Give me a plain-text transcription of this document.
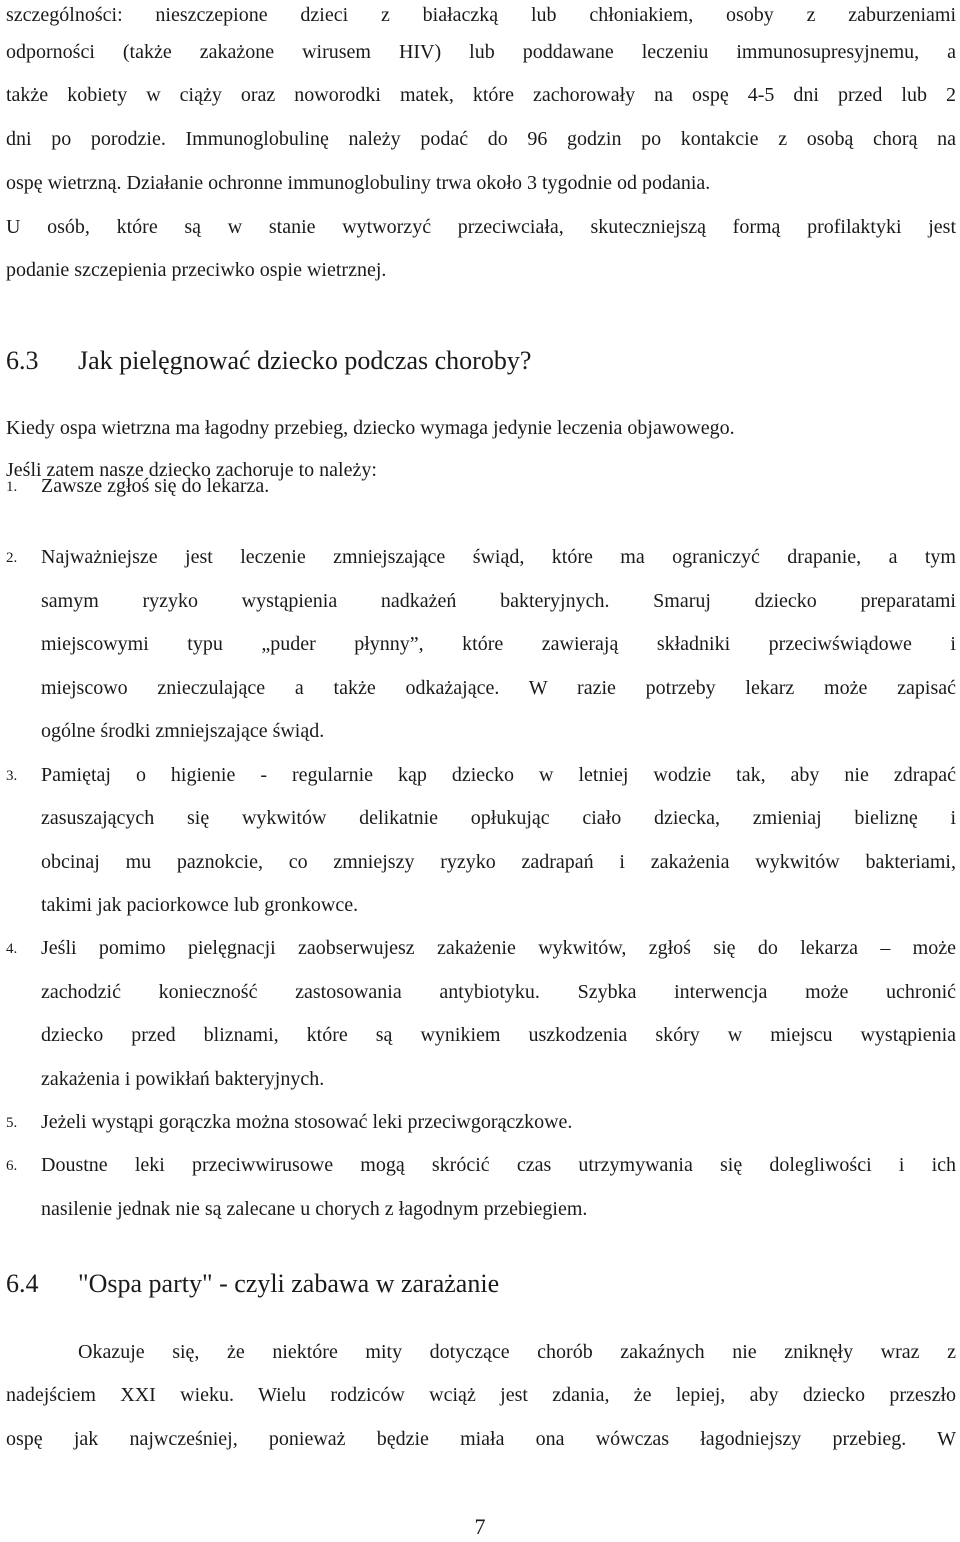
szczególności: nieszczepione dzieci z białaczką lub chłoniakiem, osoby z zaburzeniami
odporności (także zakażone wirusem HIV) lub poddawane leczeniu immunosupresyjnemu, a
także kobiety w ciąży oraz noworodki matek, które zachorowały na ospę 4-5 dni przed lub 2
dni po porodzie. Immunoglobulinę należy podać do 96 godzin po kontakcie z osobą chorą na
ospę wietrzną. Działanie ochronne immunoglobuliny trwa około 3 tygodnie od podania.
U osób, które są w stanie wytworzyć przeciwciała, skuteczniejszą formą profilaktyki jest
podanie szczepienia przeciwko ospie wietrznej.
6.3 Jak pielęgnować dziecko podczas choroby?
Kiedy ospa wietrzna ma łagodny przebieg, dziecko wymaga jedynie leczenia objawowego.
Jeśli zatem nasze dziecko zachoruje to należy:
1. Zawsze zgłoś się do lekarza.
2. Najważniejsze jest leczenie zmniejszające świąd, które ma ograniczyć drapanie, a tym
samym ryzyko wystąpienia nadkażeń bakteryjnych. Smaruj dziecko preparatami
miejscowymi typu „puder płynny”, które zawierają składniki przeciwświądowe i
miejscowo znieczulające a także odkażające. W razie potrzeby lekarz może zapisać
ogólne środki zmniejszające świąd.
3. Pamiętaj o higienie - regularnie kąp dziecko w letniej wodzie tak, aby nie zdrapać
zasuszających się wykwitów delikatnie opłukując ciało dziecka, zmieniaj bieliznę i
obcinaj mu paznokcie, co zmniejszy ryzyko zadrapań i zakażenia wykwitów bakteriami,
takimi jak paciorkowce lub gronkowce.
4. Jeśli pomimo pielęgnacji zaobserwujesz zakażenie wykwitów, zgłoś się do lekarza – może
zachodzić konieczność zastosowania antybiotyku. Szybka interwencja może uchronić
dziecko przed bliznami, które są wynikiem uszkodzenia skóry w miejscu wystąpienia
zakażenia i powikłań bakteryjnych.
5. Jeżeli wystąpi gorączka można stosować leki przeciwgorączkowe.
6. Doustne leki przeciwwirusowe mogą skrócić czas utrzymywania się dolegliwości i ich
nasilenie jednak nie są zalecane u chorych z łagodnym przebiegiem.
6.4 "Ospa party" - czyli zabawa w zarażanie
Okazuje się, że niektóre mity dotyczące chorób zakaźnych nie zniknęły wraz z
nadejściem XXI wieku. Wielu rodziców wciąż jest zdania, że lepiej, aby dziecko przeszło
ospę jak najwcześniej, ponieważ będzie miała ona wówczas łagodniejszy przebieg. W
7
